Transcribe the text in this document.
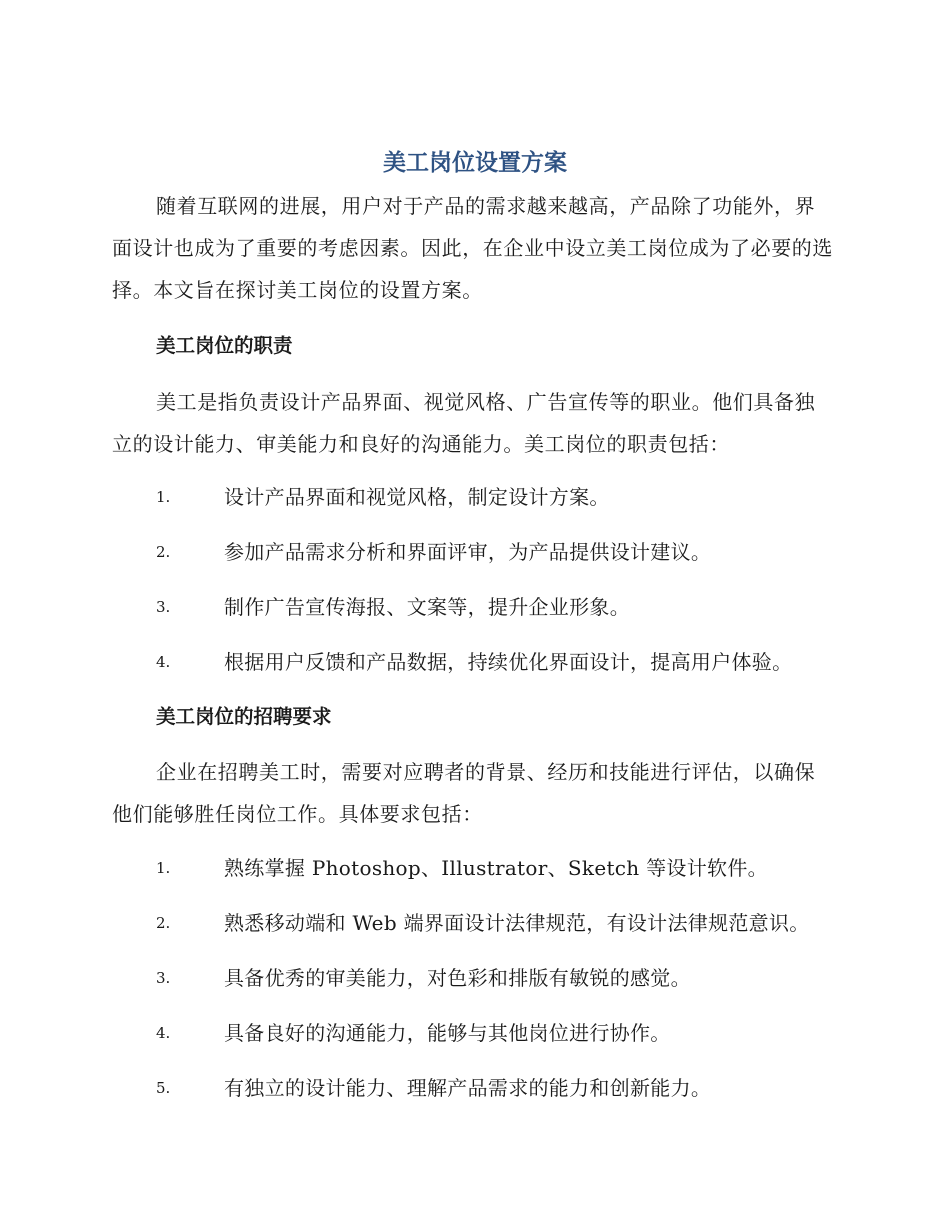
美工岗位设置方案
随着互联网的进展，用户对于产品的需求越来越高，产品除了功能外，界面设计也成为了重要的考虑因素。因此，在企业中设立美工岗位成为了必要的选择。本文旨在探讨美工岗位的设置方案。
美工岗位的职责
美工是指负责设计产品界面、视觉风格、广告宣传等的职业。他们具备独立的设计能力、审美能力和良好的沟通能力。美工岗位的职责包括：
1.	设计产品界面和视觉风格，制定设计方案。
2.	参加产品需求分析和界面评审，为产品提供设计建议。
3.	制作广告宣传海报、文案等，提升企业形象。
4.	根据用户反馈和产品数据，持续优化界面设计，提高用户体验。
美工岗位的招聘要求
企业在招聘美工时，需要对应聘者的背景、经历和技能进行评估，以确保他们能够胜任岗位工作。具体要求包括：
1.	熟练掌握 Photoshop、Illustrator、Sketch 等设计软件。
2.	熟悉移动端和 Web 端界面设计法律规范，有设计法律规范意识。
3.	具备优秀的审美能力，对色彩和排版有敏锐的感觉。
4.	具备良好的沟通能力，能够与其他岗位进行协作。
5.	有独立的设计能力、理解产品需求的能力和创新能力。
